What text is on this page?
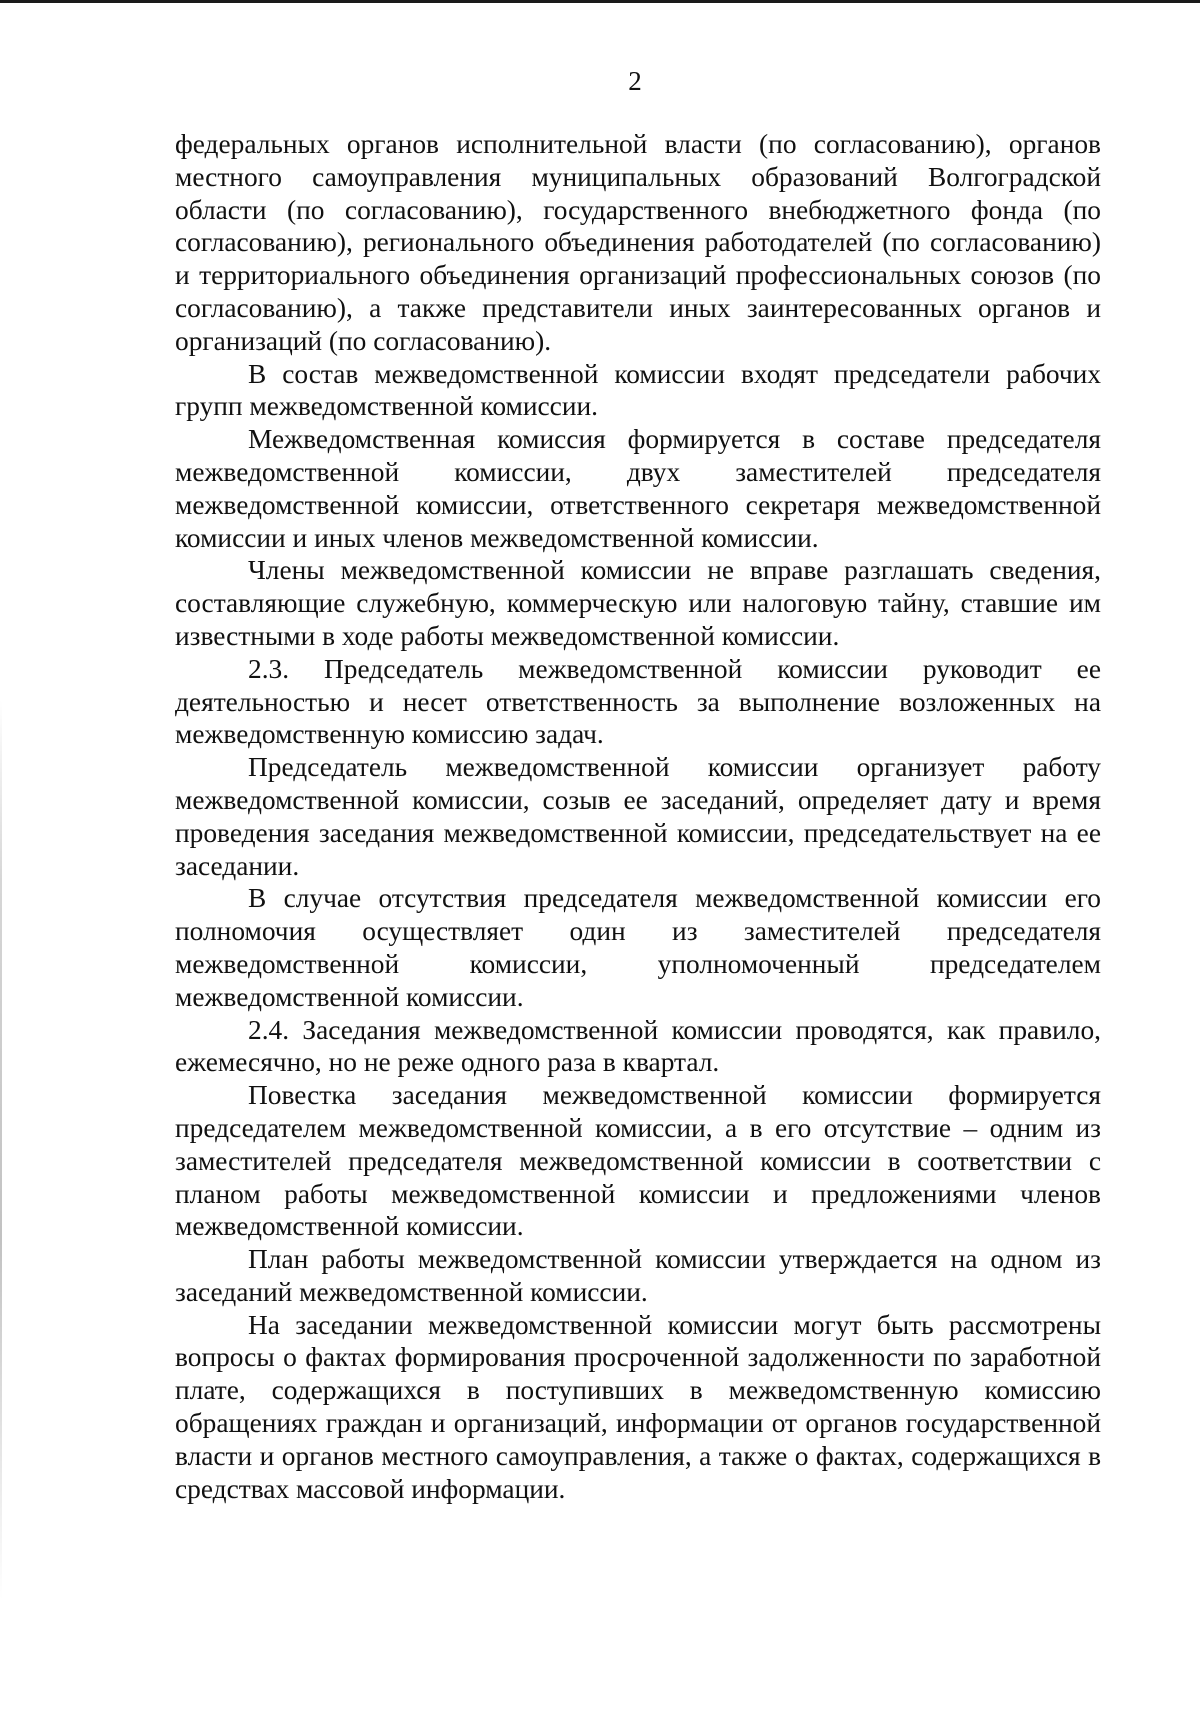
2

федеральных органов исполнительной власти (по согласованию), органов местного самоуправления муниципальных образований Волгоградской области (по согласованию), государственного внебюджетного фонда (по согласованию), регионального объединения работодателей (по согласованию) и территориального объединения организаций профессиональных союзов (по согласованию), а также представители иных заинтересованных органов и организаций (по согласованию).

В состав межведомственной комиссии входят председатели рабочих групп межведомственной комиссии.

Межведомственная комиссия формируется в составе председателя межведомственной комиссии, двух заместителей председателя межведомственной комиссии, ответственного секретаря межведомственной комиссии и иных членов межведомственной комиссии.

Члены межведомственной комиссии не вправе разглашать сведения, составляющие служебную, коммерческую или налоговую тайну, ставшие им известными в ходе работы межведомственной комиссии.

2.3. Председатель межведомственной комиссии руководит ее деятельностью и несет ответственность за выполнение возложенных на межведомственную комиссию задач.

Председатель межведомственной комиссии организует работу межведомственной комиссии, созыв ее заседаний, определяет дату и время проведения заседания межведомственной комиссии, председательствует на ее заседании.

В случае отсутствия председателя межведомственной комиссии его полномочия осуществляет один из заместителей председателя межведомственной комиссии, уполномоченный председателем межведомственной комиссии.

2.4. Заседания межведомственной комиссии проводятся, как правило, ежемесячно, но не реже одного раза в квартал.

Повестка заседания межведомственной комиссии формируется председателем межведомственной комиссии, а в его отсутствие – одним из заместителей председателя межведомственной комиссии в соответствии с планом работы межведомственной комиссии и предложениями членов межведомственной комиссии.

План работы межведомственной комиссии утверждается на одном из заседаний межведомственной комиссии.

На заседании межведомственной комиссии могут быть рассмотрены вопросы о фактах формирования просроченной задолженности по заработной плате, содержащихся в поступивших в межведомственную комиссию обращениях граждан и организаций, информации от органов государственной власти и органов местного самоуправления, а также о фактах, содержащихся в средствах массовой информации.
